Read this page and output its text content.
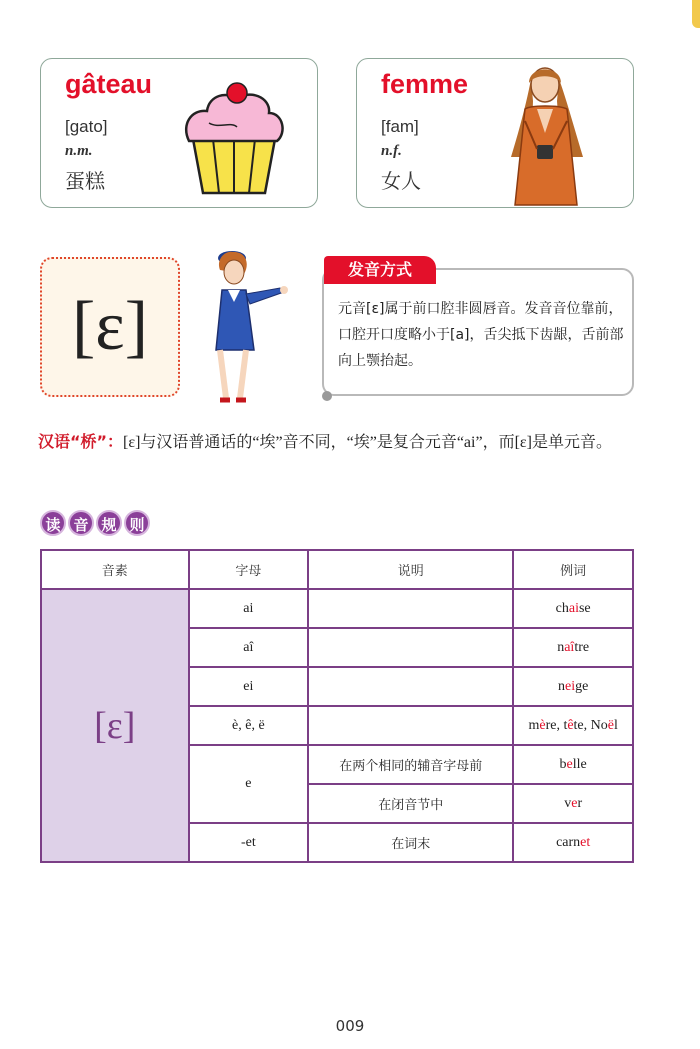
gâteau
[gato]
n.m.
蛋糕
femme
[fam]
n.f.
女人
[ɛ]	元音[ɛ]属于前口腔非圆唇音。发音音位靠前，口腔开口度略小于[a]，舌尖抵下齿龈，舌前部向上颚抬起。

发音方式
汉语“桥”：[ɛ]与汉语普通话的“埃”音不同，“埃”是复合元音“ai”，而[ɛ]是单元音。
读 音 规 则
音素	字母	说明	例词
[ɛ]	ai		chaise
	aî		naître
	ei		neige
	è, ê, ë		mère, tête, Noël
	e	在两个相同的辅音字母前	belle
		在闭音节中	ver
	-et	在词末	carnet
009
